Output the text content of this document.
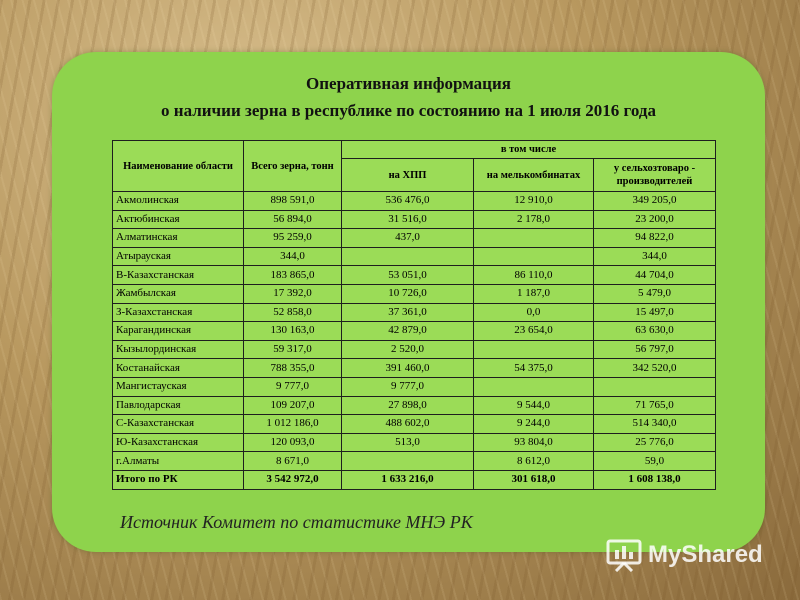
Оперативная информация
о наличии зерна в республике по состоянию на 1 июля 2016 года
Наименование области	Всего зерна, тонн	в том числе		
		на ХПП	на мелькомбинатах	у сельхозтоваро - производителей
Акмолинская	898 591,0	536 476,0	12 910,0	349 205,0
Актюбинская	56 894,0	31 516,0	2 178,0	23 200,0
Алматинская	95 259,0	437,0		94 822,0
Атырауская	344,0			344,0
В-Казахстанская	183 865,0	53 051,0	86 110,0	44 704,0
Жамбылская	17 392,0	10 726,0	1 187,0	5 479,0
З-Казахстанская	52 858,0	37 361,0	0,0	15 497,0
Карагандинская	130 163,0	42 879,0	23 654,0	63 630,0
Кызылординская	59 317,0	2 520,0		56 797,0
Костанайская	788 355,0	391 460,0	54 375,0	342 520,0
Мангистауская	9 777,0	9 777,0		
Павлодарская	109 207,0	27 898,0	9 544,0	71 765,0
С-Казахстанская	1 012 186,0	488 602,0	9 244,0	514 340,0
Ю-Казахстанская	120 093,0	513,0	93 804,0	25 776,0
г.Алматы	8 671,0		8 612,0	59,0
Итого по РК	3 542 972,0	1 633 216,0	301 618,0	1 608 138,0
Источник Комитет по статистике МНЭ РК
MyShared
